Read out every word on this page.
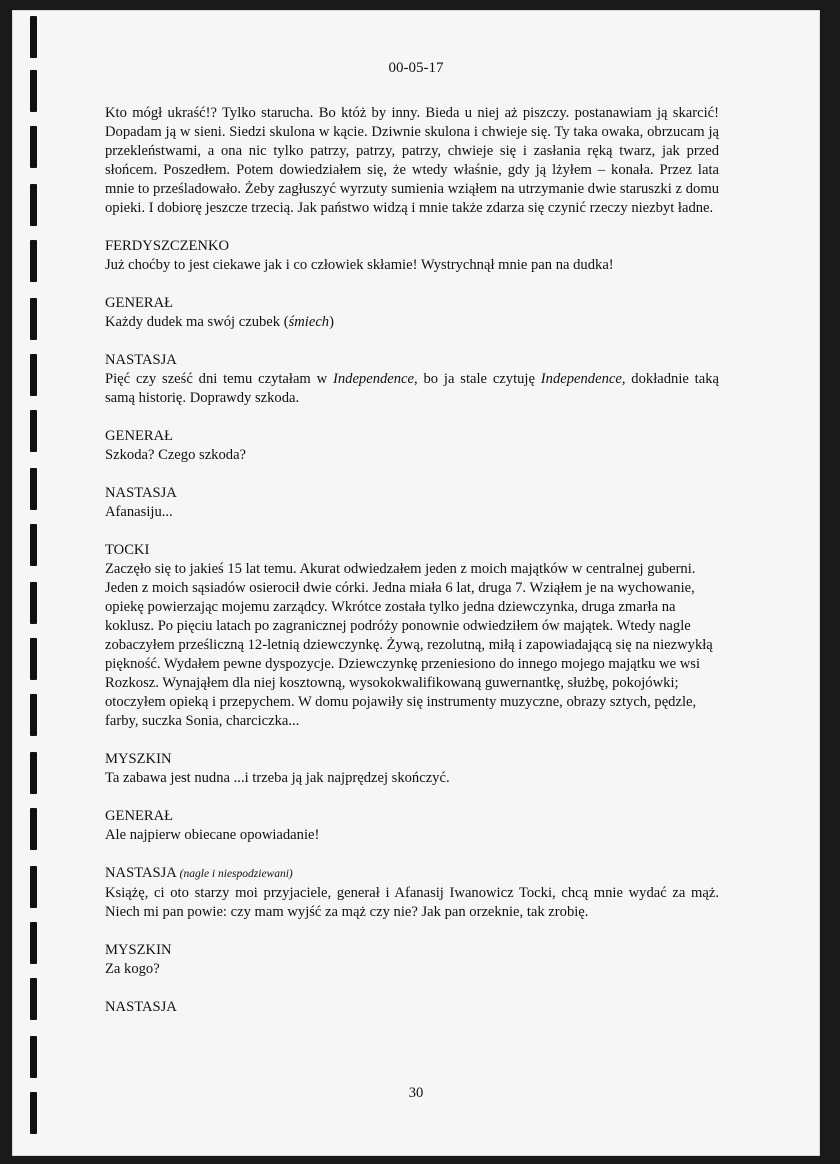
00-05-17

Kto mógł ukraść!? Tylko starucha. Bo któż by inny. Bieda u niej aż piszczy. postanawiam ją skarcić! Dopadam ją w sieni. Siedzi skulona w kącie. Dziwnie skulona i chwieje się. Ty taka owaka, obrzucam ją przekleństwami, a ona nic tylko patrzy, patrzy, patrzy, chwieje się i zasłania ręką twarz, jak przed słońcem. Poszedłem. Potem dowiedziałem się, że wtedy właśnie, gdy ją lżyłem – konała. Przez lata mnie to prześladowało. Żeby zagłuszyć wyrzuty sumienia wziąłem na utrzymanie dwie staruszki z domu opieki. I dobiorę jeszcze trzecią. Jak państwo widzą i mnie także zdarza się czynić rzeczy niezbyt ładne.

FERDYSZCZENKO

Już choćby to jest ciekawe jak i co człowiek skłamie! Wystrychnął mnie pan na dudka!

GENERAŁ

Każdy dudek ma swój czubek (śmiech)

NASTASJA

Pięć czy sześć dni temu czytałam w Independence, bo ja stale czytuję Independence, dokładnie taką samą historię. Doprawdy szkoda.

GENERAŁ

Szkoda? Czego szkoda?

NASTASJA

Afanasiju...

TOCKI

Zaczęło się to jakieś 15 lat temu. Akurat odwiedzałem jeden z moich majątków w centralnej guberni. Jeden z moich sąsiadów osierocił dwie córki. Jedna miała 6 lat, druga 7. Wziąłem je na wychowanie, opiekę powierzając mojemu zarządcy. Wkrótce została tylko jedna dziewczynka, druga zmarła na koklusz. Po pięciu latach po zagranicznej podróży ponownie odwiedziłem ów majątek. Wtedy nagle zobaczyłem prześliczną 12-letnią dziewczynkę. Żywą, rezolutną, miłą i zapowiadającą się na niezwykłą piękność. Wydałem pewne dyspozycje. Dziewczynkę przeniesiono do innego mojego majątku we wsi Rozkosz. Wynająłem dla niej kosztowną, wysokokwalifikowaną guwernantkę, służbę, pokojówki; otoczyłem opieką i przepychem. W domu pojawiły się instrumenty muzyczne, obrazy sztych, pędzle, farby, suczka Sonia, charciczka...

MYSZKIN

Ta zabawa jest nudna ...i trzeba ją jak najprędzej skończyć.

GENERAŁ

Ale najpierw obiecane opowiadanie!

NASTASJA (nagle i niespodziewani)

Książę, ci oto starzy moi przyjaciele, generał i Afanasij Iwanowicz Tocki, chcą mnie wydać za mąż. Niech mi pan powie: czy mam wyjść za mąż czy nie? Jak pan orzeknie, tak zrobię.

MYSZKIN

Za kogo?

NASTASJA

30
